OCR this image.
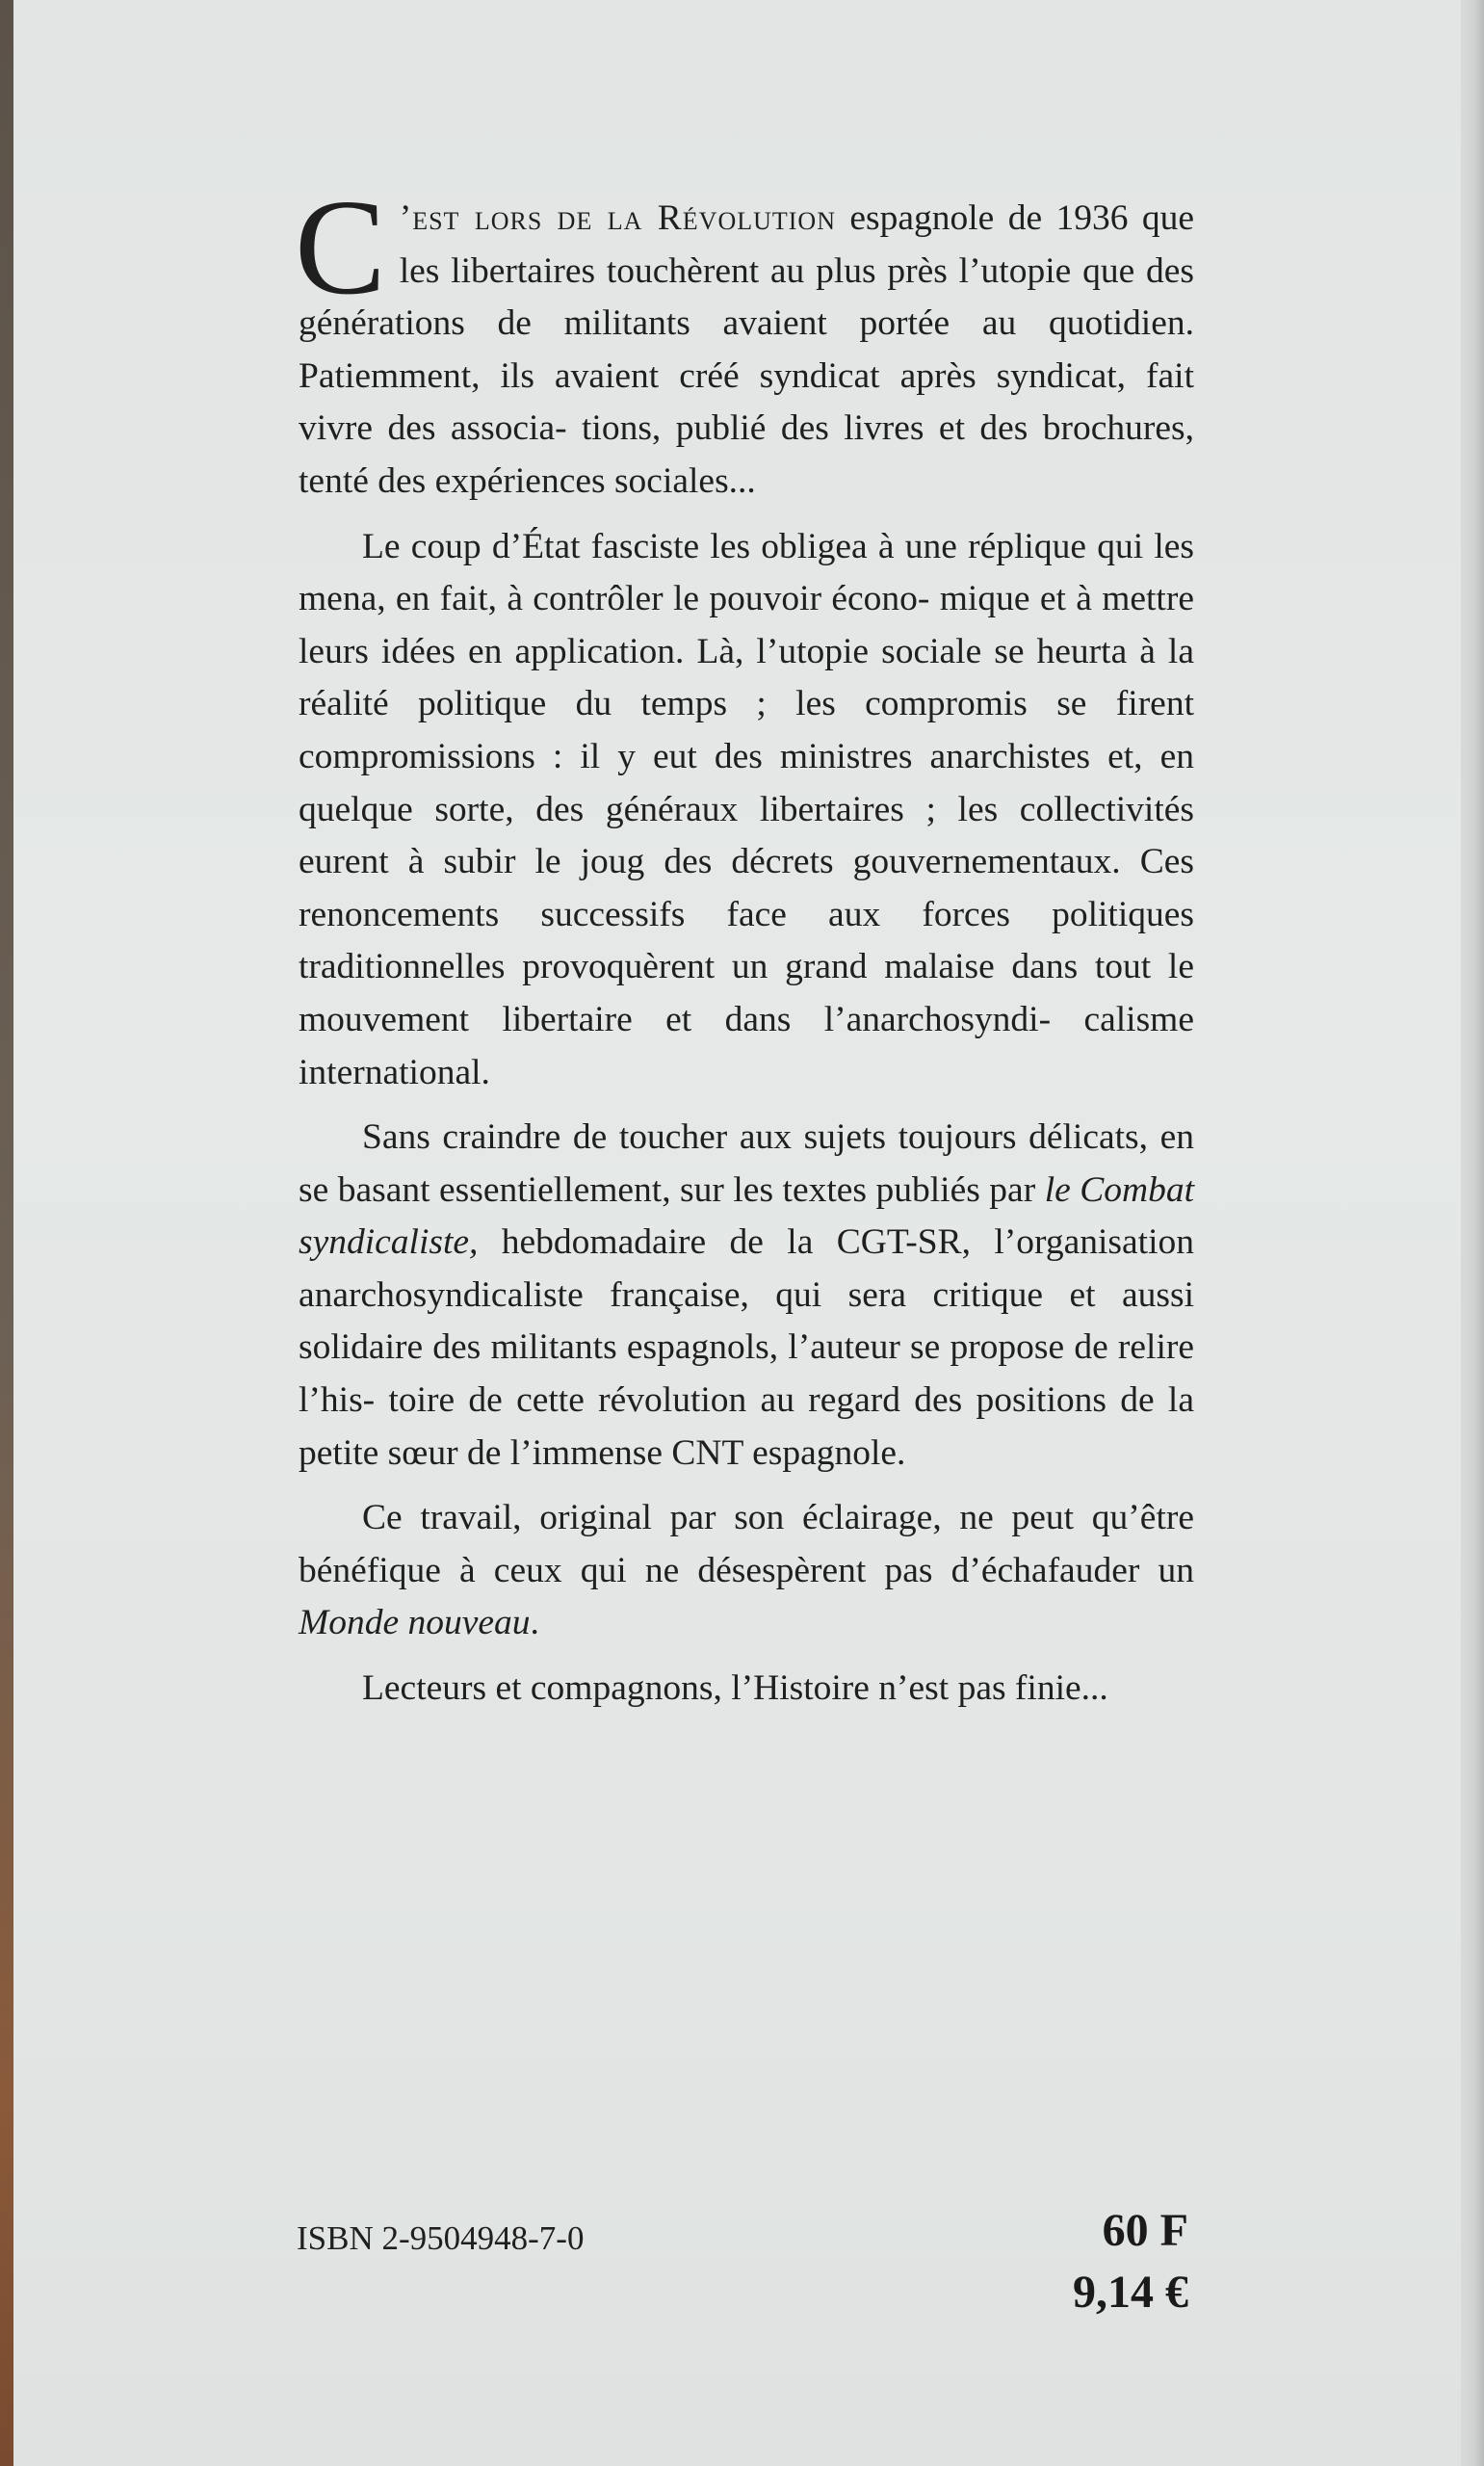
C ’est lors de la Révolution espagnole de 1936 que les libertaires touchèrent au plus près l’utopie que des générations de militants avaient portée au quotidien. Patiemment, ils avaient créé syndicat après syndicat, fait vivre des associa- tions, publié des livres et des brochures, tenté des expériences sociales...

Le coup d’État fasciste les obligea à une réplique qui les mena, en fait, à contrôler le pouvoir écono- mique et à mettre leurs idées en application. Là, l’utopie sociale se heurta à la réalité politique du temps ; les compromis se firent compromissions : il y eut des ministres anarchistes et, en quelque sorte, des généraux libertaires ; les collectivités eurent à subir le joug des décrets gouvernementaux. Ces renoncements successifs face aux forces politiques traditionnelles provoquèrent un grand malaise dans tout le mouvement libertaire et dans l’anarchosyndi- calisme international.

Sans craindre de toucher aux sujets toujours délicats, en se basant essentiellement, sur les textes publiés par le Combat syndicaliste, hebdomadaire de la CGT-SR, l’organisation anarchosyndicaliste française, qui sera critique et aussi solidaire des militants espagnols, l’auteur se propose de relire l’his- toire de cette révolution au regard des positions de la petite sœur de l’immense CNT espagnole.

Ce travail, original par son éclairage, ne peut qu’être bénéfique à ceux qui ne désespèrent pas d’échafauder un Monde nouveau.

Lecteurs et compagnons, l’Histoire n’est pas finie...

ISBN 2-9504948-7-0	60 F
9,14 €
